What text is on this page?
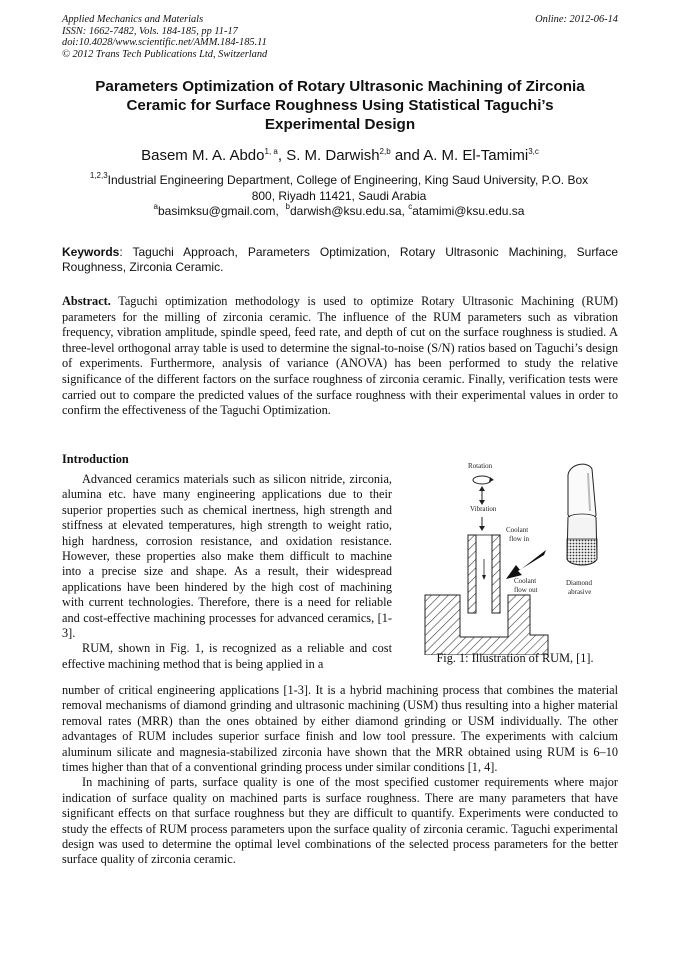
Applied Mechanics and Materials
ISSN: 1662-7482, Vols. 184-185, pp 11-17
doi:10.4028/www.scientific.net/AMM.184-185.11
© 2012 Trans Tech Publications Ltd, Switzerland
Online: 2012-06-14
Parameters Optimization of Rotary Ultrasonic Machining of Zirconia
Ceramic for Surface Roughness Using Statistical Taguchi’s
Experimental Design
Basem M. A. Abdo$^{1, a}$, S. M. Darwish$^{2,b}$ and A. M. El-Tamimi$^{3,c}$
$^{1,2,3}$Industrial Engineering Department, College of Engineering, King Saud University, P.O. Box
800, Riyadh 11421, Saudi Arabia
$^a$basimksu@gmail.com, $^b$darwish@ksu.edu.sa, $^c$atamimi@ksu.edu.sa
Keywords: Taguchi Approach, Parameters Optimization, Rotary Ultrasonic Machining, Surface Roughness, Zirconia Ceramic.
Abstract. Taguchi optimization methodology is used to optimize Rotary Ultrasonic Machining (RUM) parameters for the milling of zirconia ceramic. The influence of the RUM parameters such as vibration frequency, vibration amplitude, spindle speed, feed rate, and depth of cut on the surface roughness is studied. A three-level orthogonal array table is used to determine the signal-to-noise (S/N) ratios based on Taguchi’s design of experiments. Furthermore, analysis of variance (ANOVA) has been performed to study the relative significance of the different factors on the surface roughness of zirconia ceramic. Finally, verification tests were carried out to compare the predicted values of the surface roughness with their experimental values in order to confirm the effectiveness of the Taguchi Optimization.
Introduction

Advanced ceramics materials such as silicon nitride, zirconia, alumina etc. have many engineering applications due to their superior properties such as chemical inertness, high strength and stiffness at elevated temperatures, high strength to weight ratio, high hardness, corrosion resistance, and oxidation resistance. However, these properties also make them difficult to machine into a precise size and shape. As a result, their widespread applications have been hindered by the high cost of machining with current technologies. Therefore, there is a need for reliable and cost-effective machining processes for advanced ceramics, [1-3].

RUM, shown in Fig. 1, is recognized as a reliable and cost effective machining method that is being applied in a

Rotation
Vibration
Coolant
flow in
Coolant
flow out
Diamond
abrasive
Fig. 1: Illustration of RUM, [1].

number of critical engineering applications [1-3]. It is a hybrid machining process that combines the material removal mechanisms of diamond grinding and ultrasonic machining (USM) thus resulting into a higher material removal rates (MRR) than the ones obtained by either diamond grinding or USM individually. The other advantages of RUM includes superior surface finish and low tool pressure. The experiments with calcium aluminum silicate and magnesia-stabilized zirconia have shown that the MRR obtained using RUM is 6–10 times higher than that of a conventional grinding process under similar conditions [1, 4].

In machining of parts, surface quality is one of the most specified customer requirements where major indication of surface quality on machined parts is surface roughness. There are many parameters that have significant effects on that surface roughness but they are difficult to quantify. Experiments were conducted to study the effects of RUM process parameters upon the surface quality of zirconia ceramic. Taguchi experimental design was used to determine the optimal level combinations of the selected process parameters for the better surface quality of zirconia ceramic.
